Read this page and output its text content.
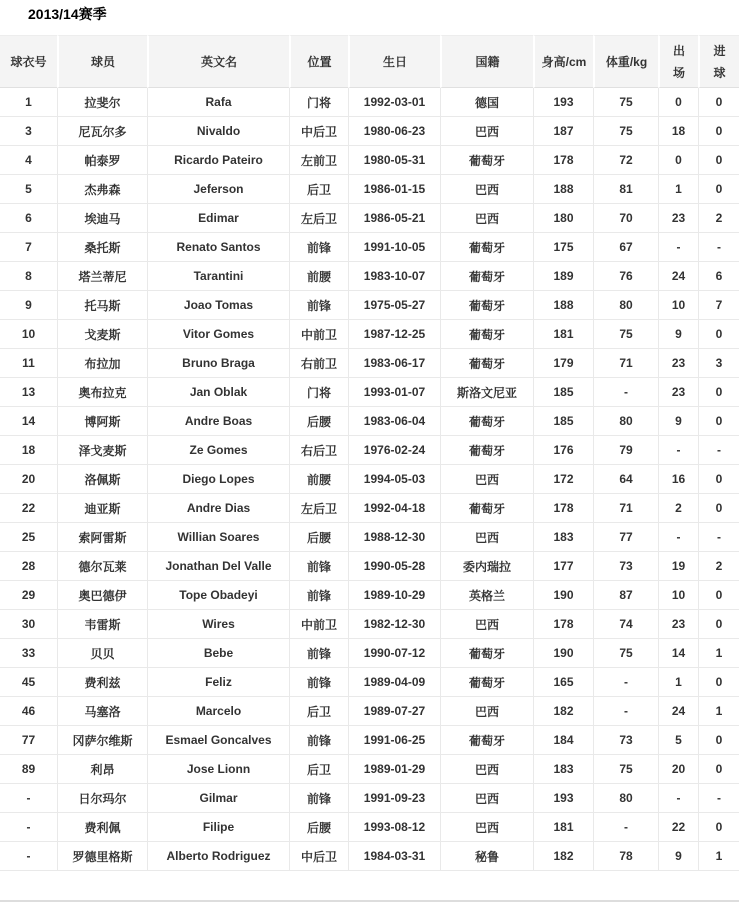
2013/14赛季
球衣号	球员	英文名	位置	生日	国籍	身高/cm	体重/kg	出场	进球
1	拉斐尔	Rafa	门将	1992-03-01	德国	193	75	0	0
3	尼瓦尔多	Nivaldo	中后卫	1980-06-23	巴西	187	75	18	0
4	帕泰罗	Ricardo Pateiro	左前卫	1980-05-31	葡萄牙	178	72	0	0
5	杰弗森	Jeferson	后卫	1986-01-15	巴西	188	81	1	0
6	埃迪马	Edimar	左后卫	1986-05-21	巴西	180	70	23	2
7	桑托斯	Renato Santos	前锋	1991-10-05	葡萄牙	175	67	-	-
8	塔兰蒂尼	Tarantini	前腰	1983-10-07	葡萄牙	189	76	24	6
9	托马斯	Joao Tomas	前锋	1975-05-27	葡萄牙	188	80	10	7
10	戈麦斯	Vitor Gomes	中前卫	1987-12-25	葡萄牙	181	75	9	0
11	布拉加	Bruno Braga	右前卫	1983-06-17	葡萄牙	179	71	23	3
13	奥布拉克	Jan Oblak	门将	1993-01-07	斯洛文尼亚	185	-	23	0
14	博阿斯	Andre Boas	后腰	1983-06-04	葡萄牙	185	80	9	0
18	泽戈麦斯	Ze Gomes	右后卫	1976-02-24	葡萄牙	176	79	-	-
20	洛佩斯	Diego Lopes	前腰	1994-05-03	巴西	172	64	16	0
22	迪亚斯	Andre Dias	左后卫	1992-04-18	葡萄牙	178	71	2	0
25	索阿雷斯	Willian Soares	后腰	1988-12-30	巴西	183	77	-	-
28	德尔瓦莱	Jonathan Del Valle	前锋	1990-05-28	委内瑞拉	177	73	19	2
29	奥巴德伊	Tope Obadeyi	前锋	1989-10-29	英格兰	190	87	10	0
30	韦雷斯	Wires	中前卫	1982-12-30	巴西	178	74	23	0
33	贝贝	Bebe	前锋	1990-07-12	葡萄牙	190	75	14	1
45	费利兹	Feliz	前锋	1989-04-09	葡萄牙	165	-	1	0
46	马塞洛	Marcelo	后卫	1989-07-27	巴西	182	-	24	1
77	冈萨尔维斯	Esmael Goncalves	前锋	1991-06-25	葡萄牙	184	73	5	0
89	利昂	Jose Lionn	后卫	1989-01-29	巴西	183	75	20	0
-	日尔玛尔	Gilmar	前锋	1991-09-23	巴西	193	80	-	-
-	费利佩	Filipe	后腰	1993-08-12	巴西	181	-	22	0
-	罗德里格斯	Alberto Rodriguez	中后卫	1984-03-31	秘鲁	182	78	9	1
